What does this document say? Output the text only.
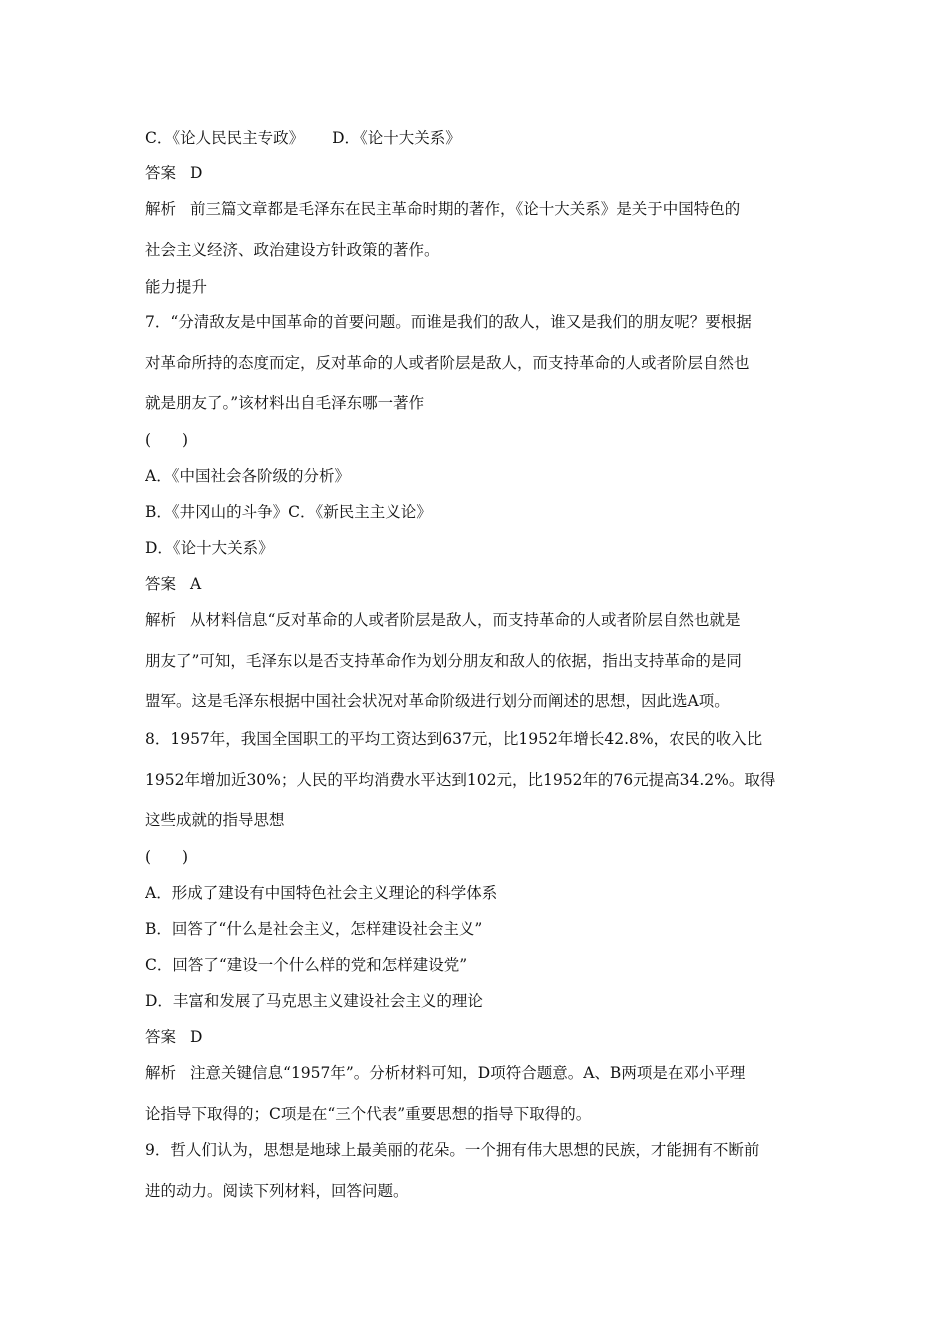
C．《论人民民主专政》 D．《论十大关系》
答案 D
解析 前三篇文章都是毛泽东在民主革命时期的著作，《论十大关系》是关于中国特色的
社会主义经济、政治建设方针政策的著作。
能力提升
7．“分清敌友是中国革命的首要问题。而谁是我们的敌人，谁又是我们的朋友呢？要根据
对革命所持的态度而定，反对革命的人或者阶层是敌人，而支持革命的人或者阶层自然也
就是朋友了。”该材料出自毛泽东哪一著作
(　　)
A．《中国社会各阶级的分析》
B．《井冈山的斗争》C．《新民主主义论》
D．《论十大关系》
答案 A
解析 从材料信息“反对革命的人或者阶层是敌人，而支持革命的人或者阶层自然也就是
朋友了”可知，毛泽东以是否支持革命作为划分朋友和敌人的依据，指出支持革命的是同
盟军。这是毛泽东根据中国社会状况对革命阶级进行划分而阐述的思想，因此选A项。
8．1957年，我国全国职工的平均工资达到637元，比1952年增长42.8%，农民的收入比
1952年增加近30%；人民的平均消费水平达到102元，比1952年的76元提高34.2%。取得
这些成就的指导思想
(　　)
A．形成了建设有中国特色社会主义理论的科学体系
B．回答了“什么是社会主义，怎样建设社会主义”
C．回答了“建设一个什么样的党和怎样建设党”
D．丰富和发展了马克思主义建设社会主义的理论
答案 D
解析 注意关键信息“1957年”。分析材料可知，D项符合题意。A、B两项是在邓小平理
论指导下取得的；C项是在“三个代表”重要思想的指导下取得的。
9．哲人们认为，思想是地球上最美丽的花朵。一个拥有伟大思想的民族，才能拥有不断前
进的动力。阅读下列材料，回答问题。
